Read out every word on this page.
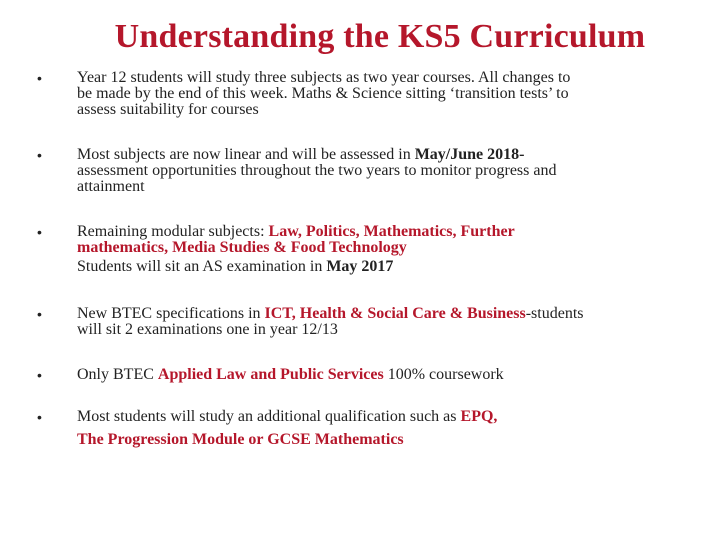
Understanding the KS5 Curriculum
• Year 12 students will study three subjects as two year courses. All changes to
be made by the end of this week. Maths & Science sitting ‘transition tests’ to
assess suitability for courses
• Most subjects are now linear and will be assessed in May/June 2018-
assessment opportunities throughout the two years to monitor progress and
attainment
• Remaining modular subjects: Law, Politics, Mathematics, Further
mathematics, Media Studies & Food Technology
Students will sit an AS examination in May 2017
• New BTEC specifications in ICT, Health & Social Care & Business-students
will sit 2 examinations one in year 12/13
• Only BTEC Applied Law and Public Services 100% coursework
• Most students will study an additional qualification such as EPQ,
The Progression Module or GCSE Mathematics
